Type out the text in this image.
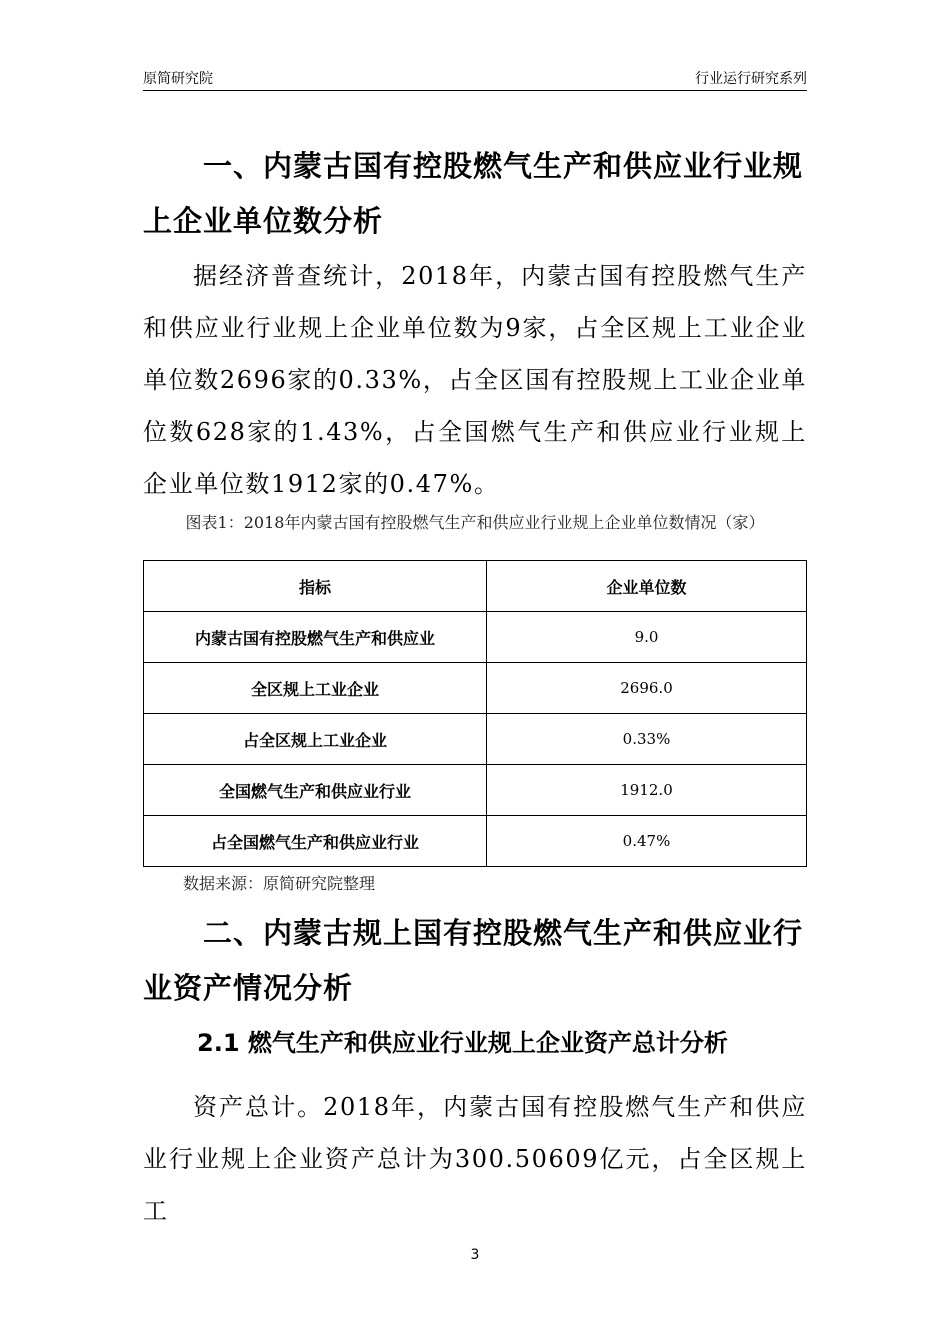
原简研究院	行业运行研究系列
一、内蒙古国有控股燃气生产和供应业行业规上企业单位数分析
据经济普查统计，2018年，内蒙古国有控股燃气生产和供应业行业规上企业单位数为9家，占全区规上工业企业单位数2696家的0.33%，占全区国有控股规上工业企业单位数628家的1.43%，占全国燃气生产和供应业行业规上企业单位数1912家的0.47%。
图表1：2018年内蒙古国有控股燃气生产和供应业行业规上企业单位数情况（家）
指标	企业单位数
内蒙古国有控股燃气生产和供应业	9.0
全区规上工业企业	2696.0
占全区规上工业企业	0.33%
全国燃气生产和供应业行业	1912.0
占全国燃气生产和供应业行业	0.47%
数据来源：原简研究院整理
二、内蒙古规上国有控股燃气生产和供应业行业资产情况分析
2.1 燃气生产和供应业行业规上企业资产总计分析
资产总计。2018年，内蒙古国有控股燃气生产和供应业行业规上企业资产总计为300.50609亿元，占全区规上工
3
